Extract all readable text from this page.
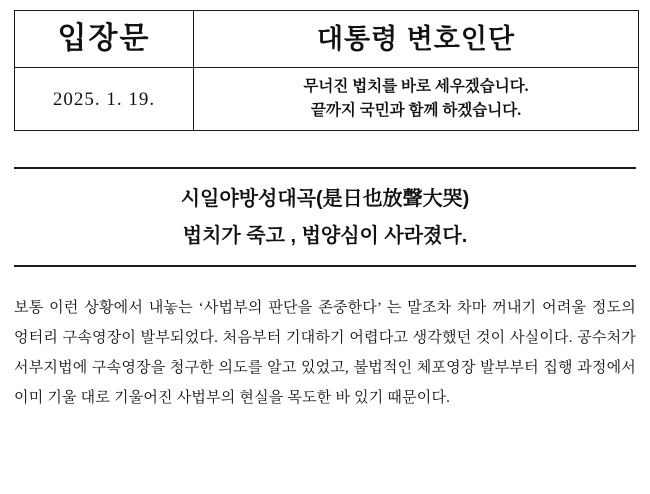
입장문	대통령 변호인단

2025. 1. 19.	무너진 법치를 바로 세우겠습니다.
끝까지 국민과 함께 하겠습니다.
시일야방성대곡(是日也放聲大哭)
법치가 죽고 , 법양심이 사라졌다.

보통 이런 상황에서 내놓는 ‘사법부의 판단을 존중한다’ 는 말조차 차마 꺼내기 어려울 정도의 엉터리 구속영장이 발부되었다. 처음부터 기대하기 어렵다고 생각했던 것이 사실이다. 공수처가 서부지법에 구속영장을 청구한 의도를 알고 있었고, 불법적인 체포영장 발부부터 집행 과정에서 이미 기울 대로 기울어진 사법부의 현실을 목도한 바 있기 때문이다.
